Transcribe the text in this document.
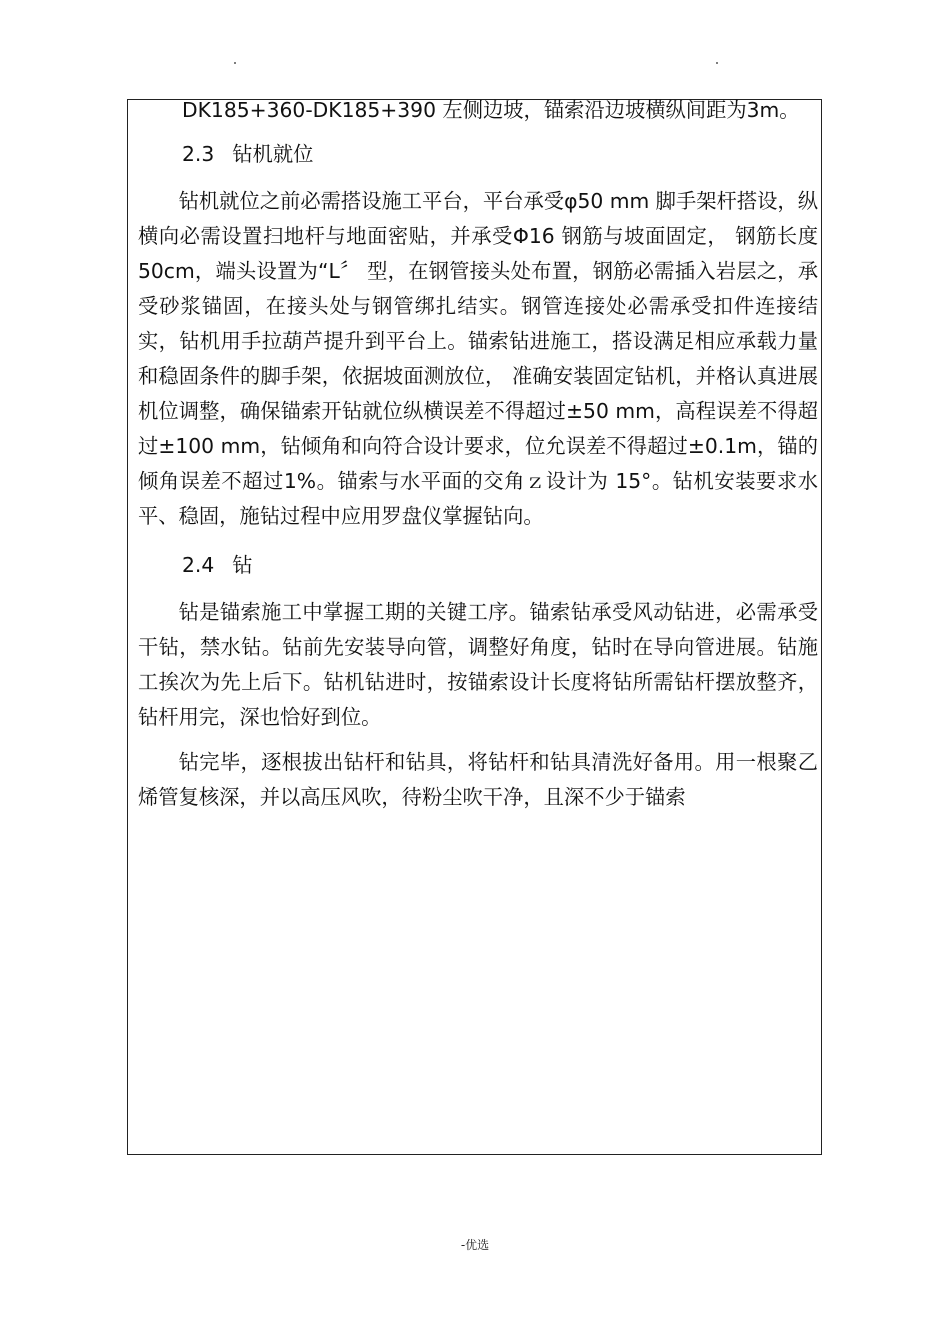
DK185+360-DK185+390 左侧边坡，锚索沿边坡横纵间距为3m。

2.3 钻机就位

钻机就位之前必需搭设施工平台，平台承受φ50 mm 脚手架杆搭设，纵横向必需设置扫地杆与地面密贴，并承受Φ16 钢筋与坡面固定， 钢筋长度 50cm，端头设置为“L〞 型，在钢管接头处布置，钢筋必需插入岩层之，承受砂浆锚固，在接头处与钢管绑扎结实。钢管连接处必需承受扣件连接结实，钻机用手拉葫芦提升到平台上。锚索钻进施工，搭设满足相应承载力量和稳固条件的脚手架，依据坡面测放位， 准确安装固定钻机，并格认真进展机位调整，确保锚索开钻就位纵横误差不得超过±50 mm，高程误差不得超过±100 mm，钻倾角和向符合设计要求，位允误差不得超过±0.1m，锚的倾角误差不超过1%。锚索与水平面的交角ｚ设计为 15°。钻机安装要求水平、稳固，施钻过程中应用罗盘仪掌握钻向。

2.4 钻

钻是锚索施工中掌握工期的关键工序。锚索钻承受风动钻进，必需承受干钻，禁水钻。钻前先安装导向管，调整好角度，钻时在导向管进展。钻施工挨次为先上后下。钻机钻进时，按锚索设计长度将钻所需钻杆摆放整齐，钻杆用完，深也恰好到位。

钻完毕，逐根拔出钻杆和钻具，将钻杆和钻具清洗好备用。用一根聚乙烯管复核深，并以高压风吹，待粉尘吹干净，且深不少于锚索

-优选
